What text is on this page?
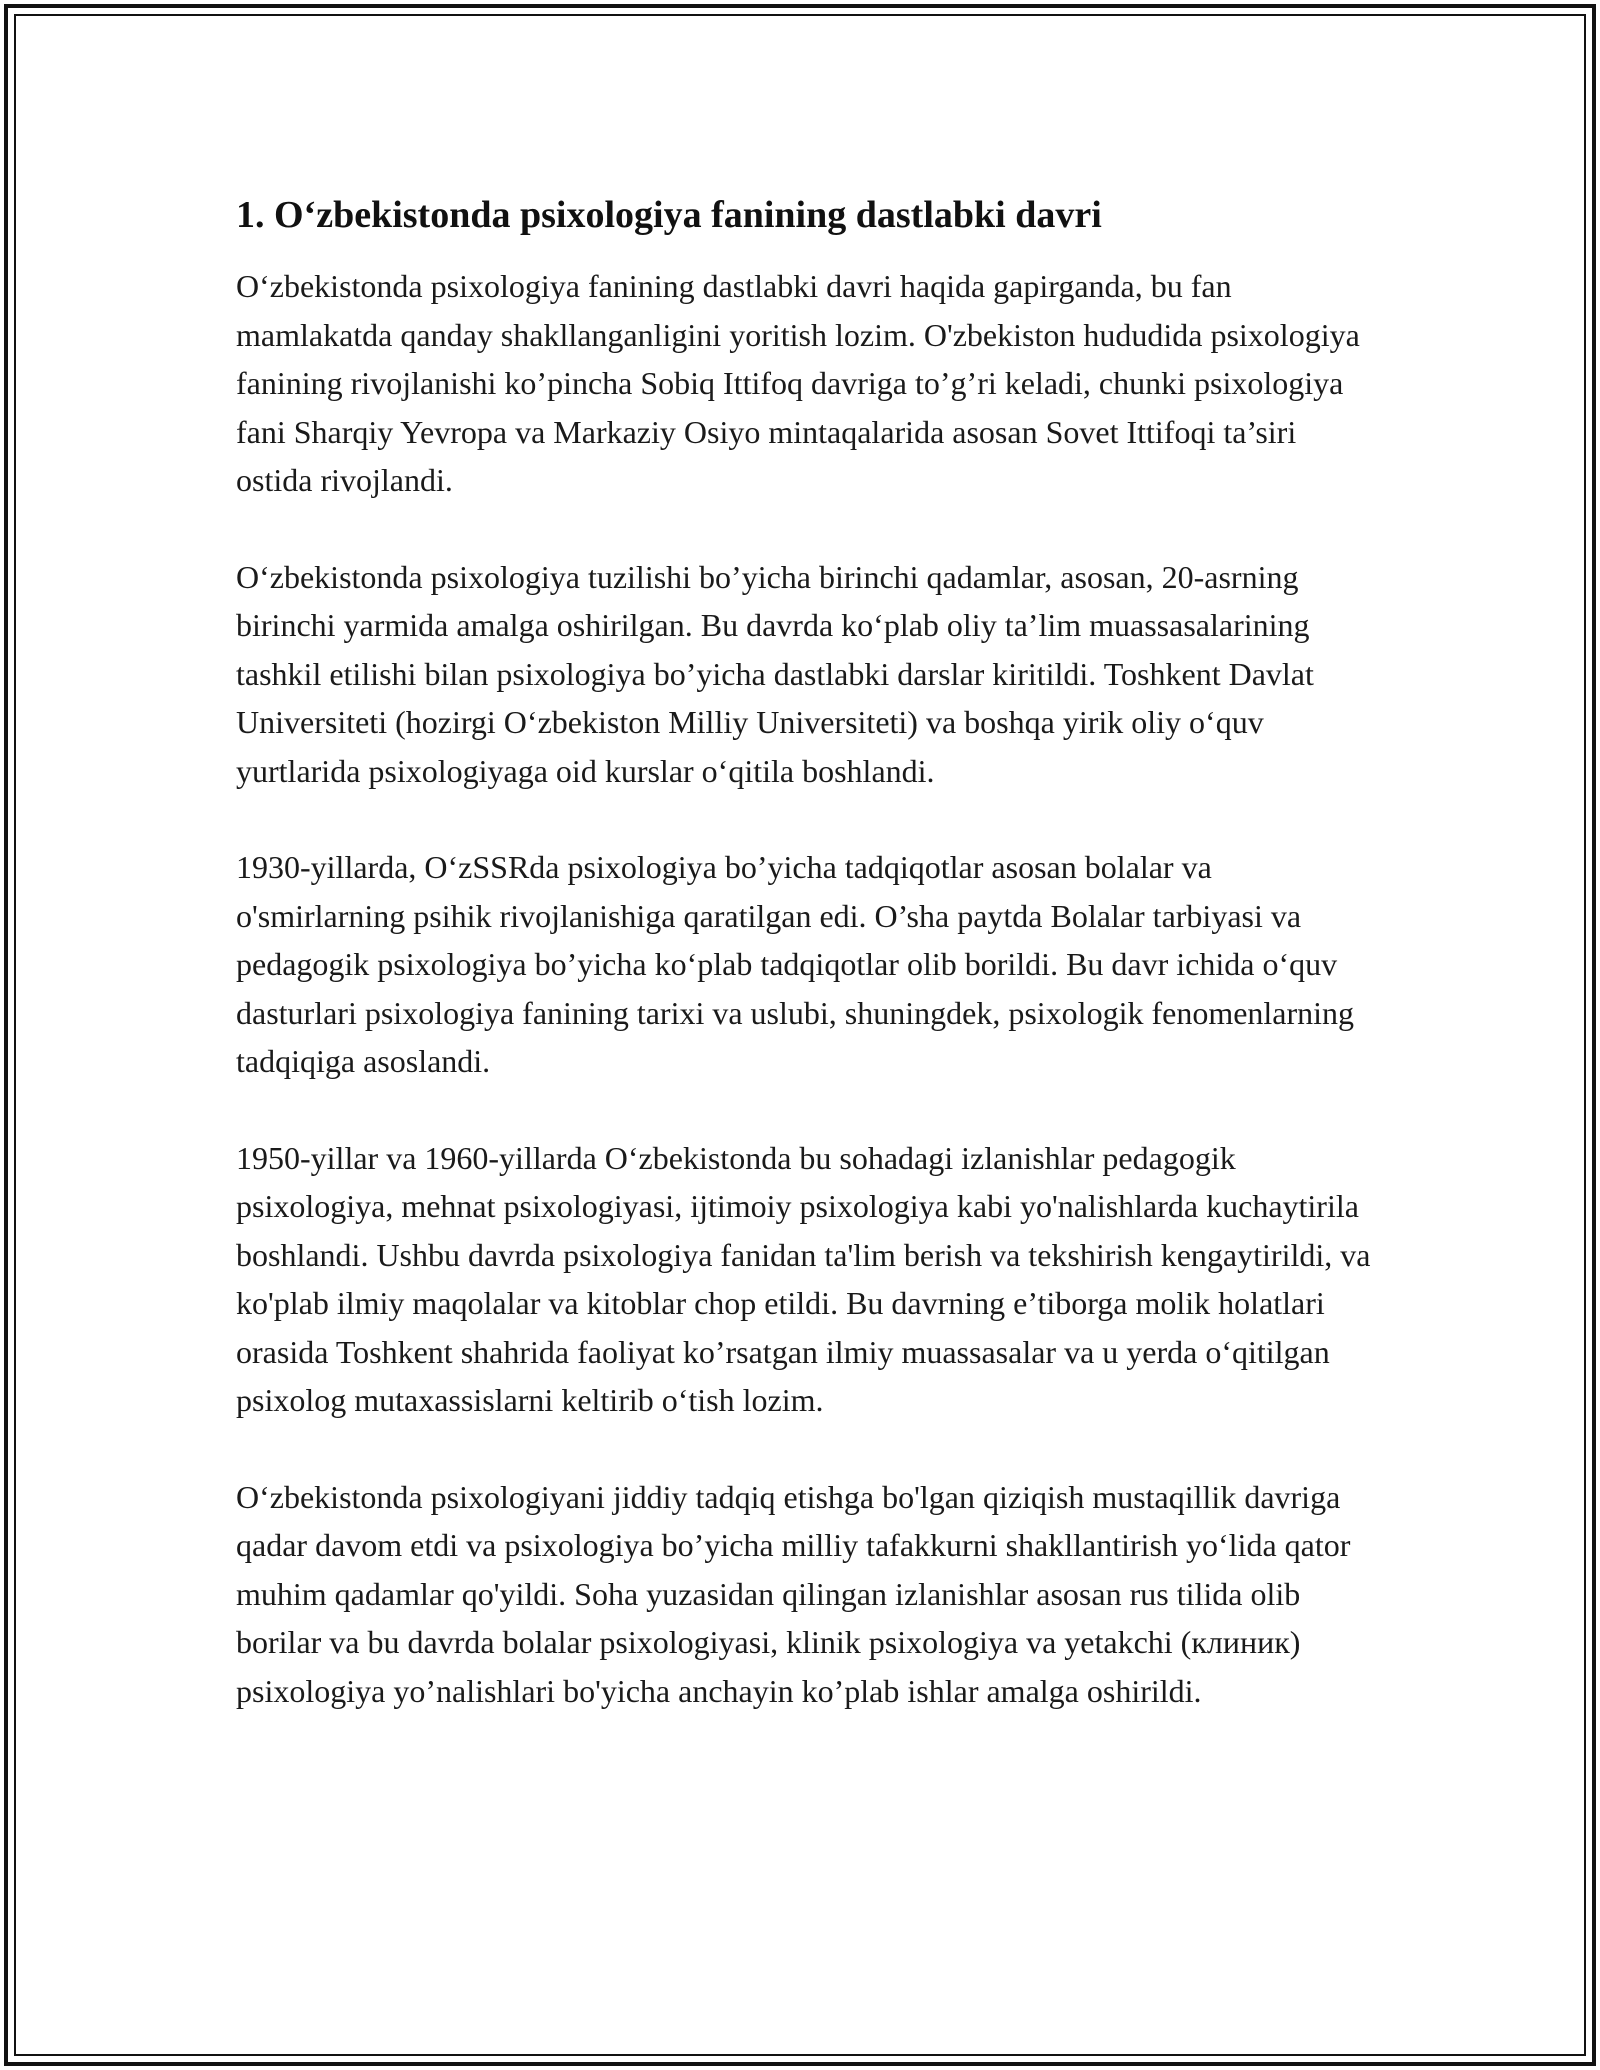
1. O‘zbekistonda psixologiya fanining dastlabki davri

O‘zbekistonda psixologiya fanining dastlabki davri haqida gapirganda, bu fan mamlakatda qanday shakllanganligini yoritish lozim. O'zbekiston hududida psixologiya fanining rivojlanishi ko’pincha Sobiq Ittifoq davriga to’g’ri keladi, chunki psixologiya fani Sharqiy Yevropa va Markaziy Osiyo mintaqalarida asosan Sovet Ittifoqi ta’siri ostida rivojlandi.

O‘zbekistonda psixologiya tuzilishi bo’yicha birinchi qadamlar, asosan, 20-asrning birinchi yarmida amalga oshirilgan. Bu davrda ko‘plab oliy ta’lim muassasalarining tashkil etilishi bilan psixologiya bo’yicha dastlabki darslar kiritildi. Toshkent Davlat Universiteti (hozirgi O‘zbekiston Milliy Universiteti) va boshqa yirik oliy o‘quv yurtlarida psixologiyaga oid kurslar o‘qitila boshlandi.

1930-yillarda, O‘zSSRda psixologiya bo’yicha tadqiqotlar asosan bolalar va o'smirlarning psihik rivojlanishiga qaratilgan edi. O’sha paytda Bolalar tarbiyasi va pedagogik psixologiya bo’yicha ko‘plab tadqiqotlar olib borildi. Bu davr ichida o‘quv dasturlari psixologiya fanining tarixi va uslubi, shuningdek, psixologik fenomenlarning tadqiqiga asoslandi.

1950-yillar va 1960-yillarda O‘zbekistonda bu sohadagi izlanishlar pedagogik psixologiya, mehnat psixologiyasi, ijtimoiy psixologiya kabi yo'nalishlarda kuchaytirila boshlandi. Ushbu davrda psixologiya fanidan ta'lim berish va tekshirish kengaytirildi, va ko'plab ilmiy maqolalar va kitoblar chop etildi. Bu davrning e’tiborga molik holatlari orasida Toshkent shahrida faoliyat ko’rsatgan ilmiy muassasalar va u yerda o‘qitilgan psixolog mutaxassislarni keltirib o‘tish lozim.

O‘zbekistonda psixologiyani jiddiy tadqiq etishga bo'lgan qiziqish mustaqillik davriga qadar davom etdi va psixologiya bo’yicha milliy tafakkurni shakllantirish yo‘lida qator muhim qadamlar qo'yildi. Soha yuzasidan qilingan izlanishlar asosan rus tilida olib borilar va bu davrda bolalar psixologiyasi, klinik psixologiya va yetakchi (клиник) psixologiya yo’nalishlari bo'yicha anchayin ko’plab ishlar amalga oshirildi.
